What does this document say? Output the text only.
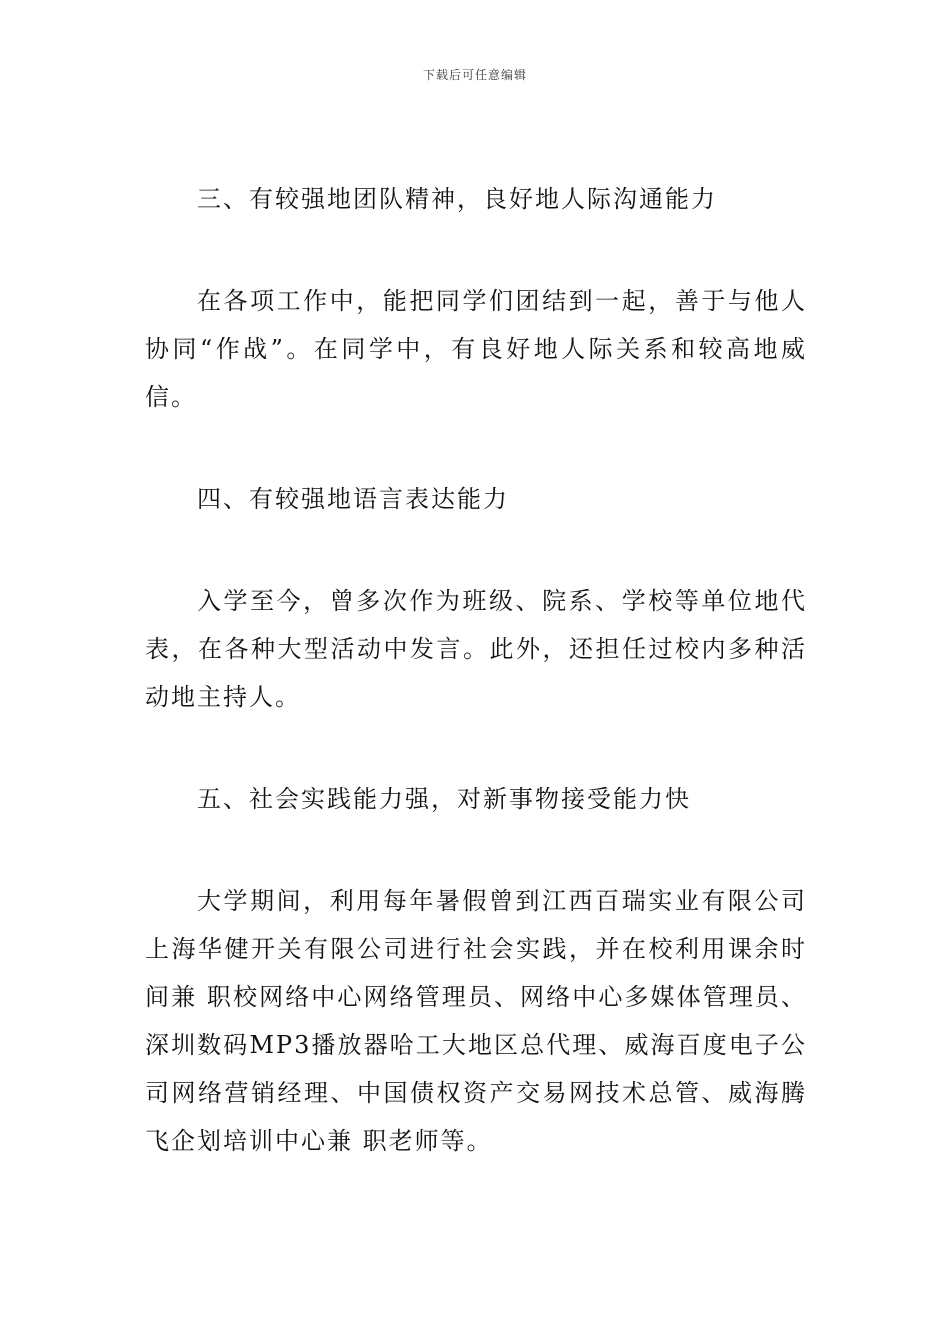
下载后可任意编辑

三、有较强地团队精神，良好地人际沟通能力

在各项工作中，能把同学们团结到一起，善于与他人协同“作战”。在同学中，有良好地人际关系和较高地威信。

四、有较强地语言表达能力

入学至今，曾多次作为班级、院系、学校等单位地代表，在各种大型活动中发言。此外，还担任过校内多种活动地主持人。

五、社会实践能力强，对新事物接受能力快

大学期间，利用每年暑假曾到江西百瑞实业有限公司上海华健开关有限公司进行社会实践，并在校利用课余时间兼 职校网络中心网络管理员、网络中心多媒体管理员、深圳数码MP3播放器哈工大地区总代理、威海百度电子公司网络营销经理、中国债权资产交易网技术总管、威海腾飞企划培训中心兼 职老师等。
